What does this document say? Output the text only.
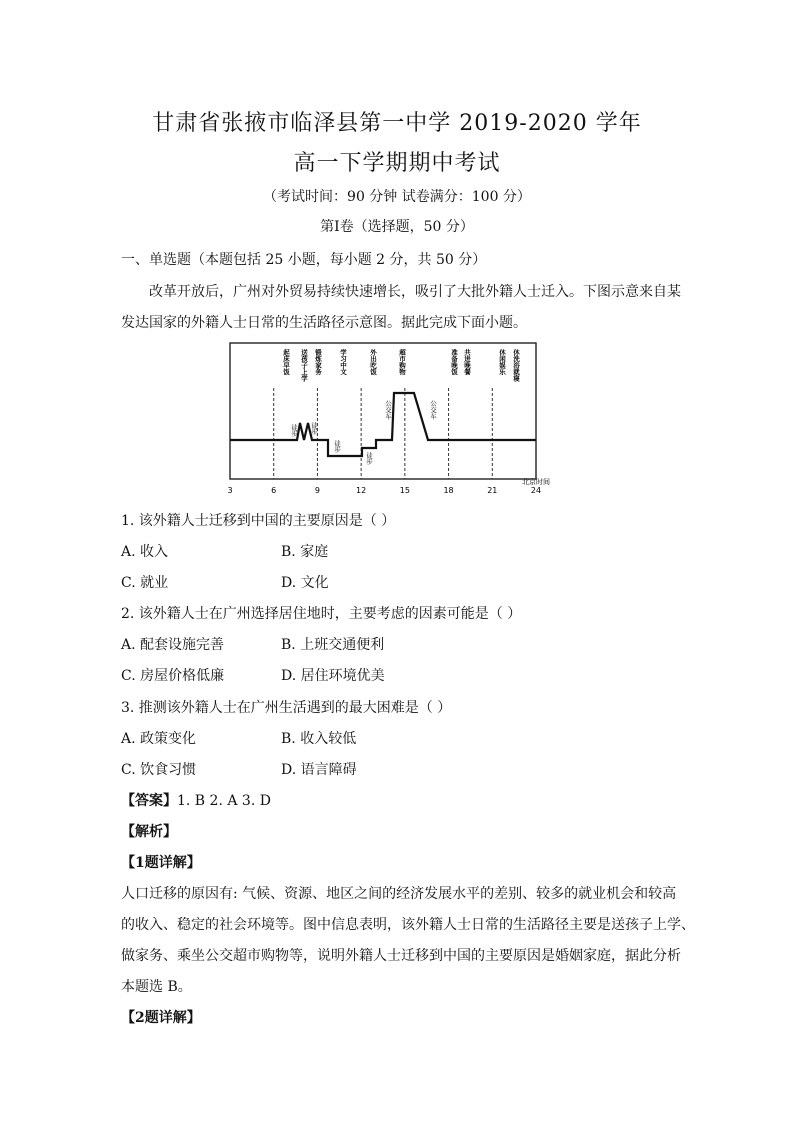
甘肃省张掖市临泽县第一中学 2019-2020 学年
高一下学期期中考试
（考试时间：90 分钟 试卷满分：100 分）
第Ⅰ卷（选择题，50 分）
一、单选题（本题包括 25 小题，每小题 2 分，共 50 分）
改革开放后，广州对外贸易持续快速增长，吸引了大批外籍人士迁入。下图示意来自某
发达国家的外籍人士日常的生活路径示意图。据此完成下面小题。
起床早饭 送孩子上学 锻炼家务	学习中文	外出吃饭	超市购物	准备晚饭 共进晚餐	休闲娱乐 休洗浴就寝
徒步 徒步
徒步
徒步
公交车	公交车
3	6	9	12	15	18	21	24
北京时间
1. 该外籍人士迁移到中国的主要原因是（ ）
A. 收入	B. 家庭
C. 就业	D. 文化
2. 该外籍人士在广州选择居住地时，主要考虑的因素可能是（ ）
A. 配套设施完善	B. 上班交通便利
C. 房屋价格低廉	D. 居住环境优美
3. 推测该外籍人士在广州生活遇到的最大困难是（ ）
A. 政策变化	B. 收入较低
C. 饮食习惯	D. 语言障碍
【答案】1. B 2. A 3. D
【解析】
【1题详解】
人口迁移的原因有: 气候、资源、地区之间的经济发展水平的差别、较多的就业机会和较高
的收入、稳定的社会环境等。图中信息表明，该外籍人士日常的生活路径主要是送孩子上学、
做家务、乘坐公交超市购物等，说明外籍人士迁移到中国的主要原因是婚姻家庭，据此分析
本题选 B。
【2题详解】
